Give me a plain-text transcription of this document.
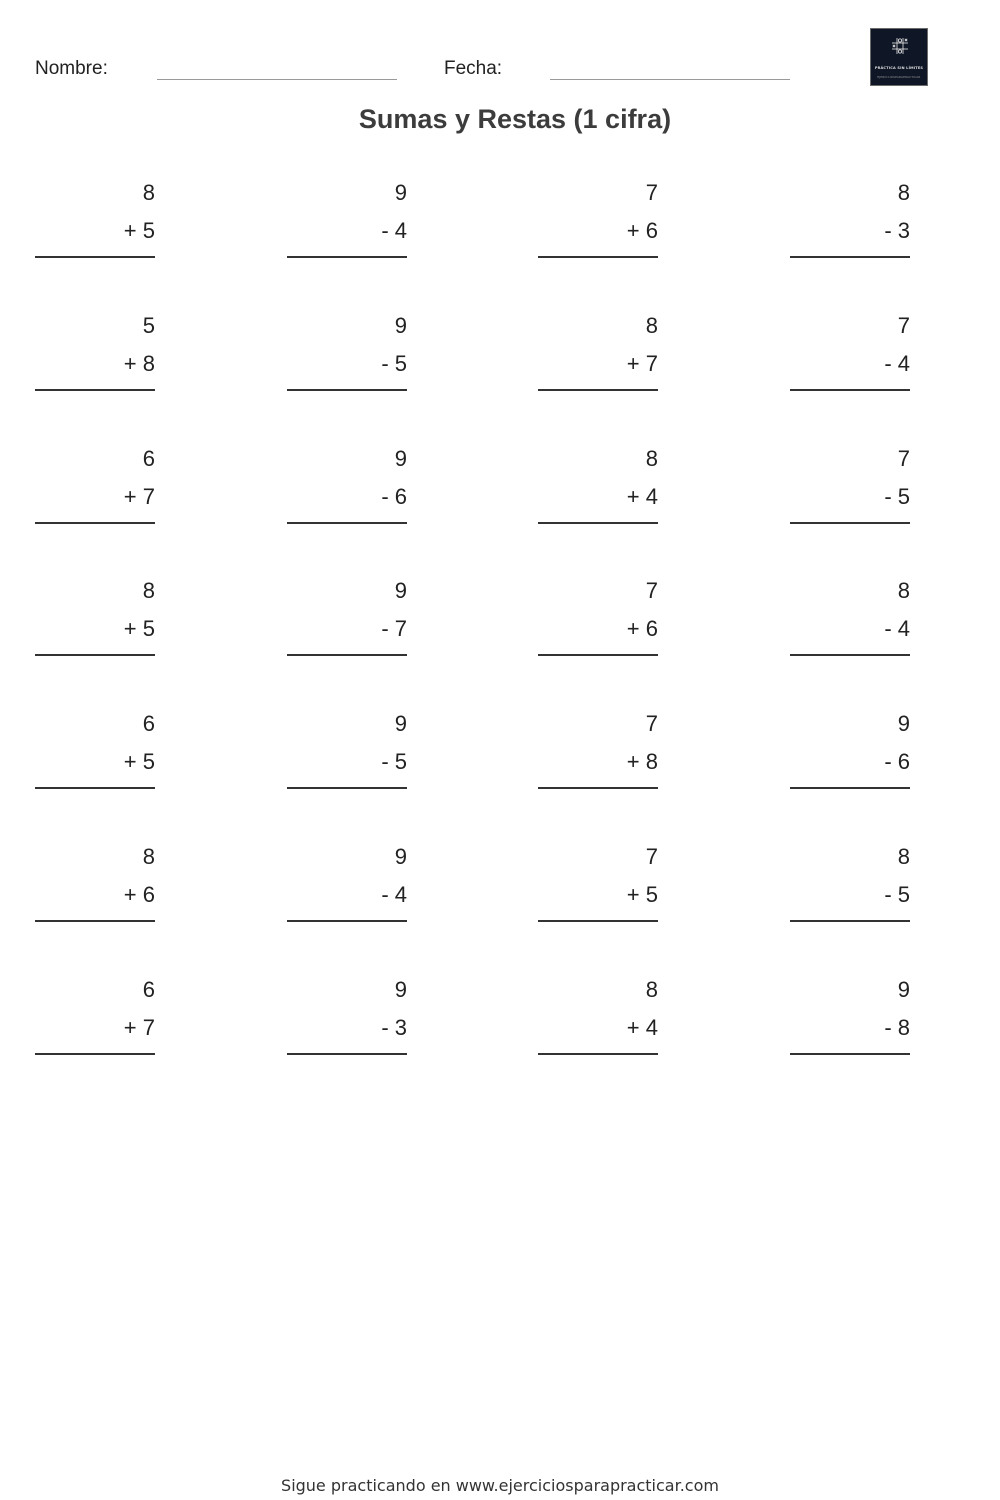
Nombre:	Fecha:	PRÁCTICA SIN LÍMITES
EJERCICIOSPARAPRACTICAR
Sumas y Restas (1 cifra)
8
+ 5
9
- 4
7
+ 6
8
- 3
5
+ 8
9
- 5
8
+ 7
7
- 4
6
+ 7
9
- 6
8
+ 4
7
- 5
8
+ 5
9
- 7
7
+ 6
8
- 4
6
+ 5
9
- 5
7
+ 8
9
- 6
8
+ 6
9
- 4
7
+ 5
8
- 5
6
+ 7
9
- 3
8
+ 4
9
- 8
Sigue practicando en www.ejerciciosparapracticar.com
